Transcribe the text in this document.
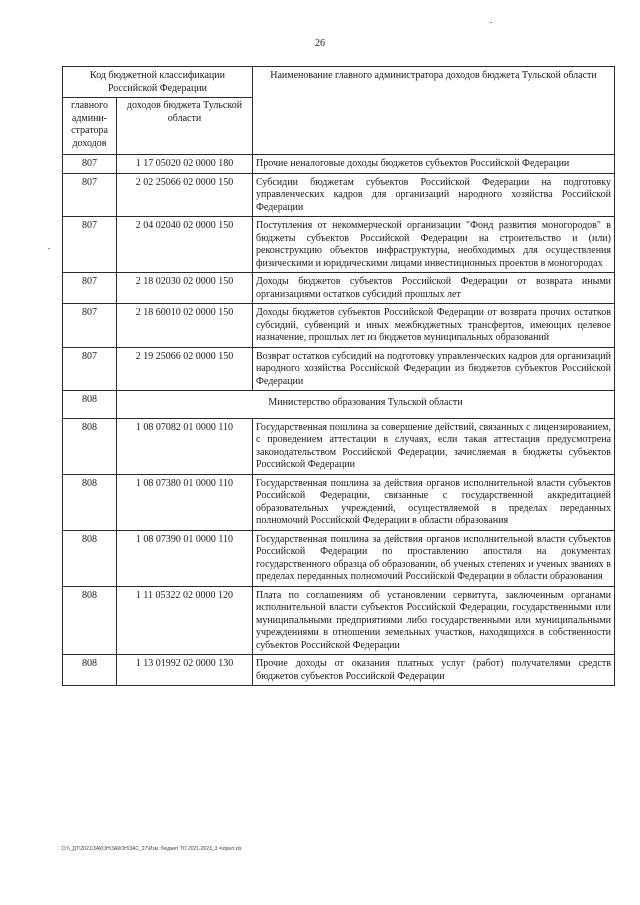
26
Код бюджетной классификации Российской Федерации		Наименование главного администратора доходов бюджета Тульской области
главного админи-стратора доходов	доходов бюджета Тульской области	
807	1 17 05020 02 0000 180	Прочие неналоговые доходы бюджетов субъектов Российской Федерации
807	2 02 25066 02 0000 150	Субсидии бюджетам субъектов Российской Федерации на подготовку управленческих кадров для организаций народного хозяйства Российской Федерации
807	2 04 02040 02 0000 150	Поступления от некоммерческой организации "Фонд развития моногородов" в бюджеты субъектов Российской Федерации на строительство и (или) реконструкцию объектов инфраструктуры, необходимых для осуществления физическими и юридическими лицами инвестиционных проектов в моногородах
807	2 18 02030 02 0000 150	Доходы бюджетов субъектов Российской Федерации от возврата иными организациями остатков субсидий прошлых лет
807	2 18 60010 02 0000 150	Доходы бюджетов субъектов Российской Федерации от возврата прочих остатков субсидий, субвенций и иных межбюджетных трансфертов, имеющих целевое назначение, прошлых лет из бюджетов муниципальных образований
807	2 19 25066 02 0000 150	Возврат остатков субсидий на подготовку управленческих кадров для организаций народного хозяйства Российской Федерации из бюджетов субъектов Российской Федерации
808	Министерство образования Тульской области	
808	1 08 07082 01 0000 110	Государственная пошлина за совершение действий, связанных с лицензированием, с проведением аттестации в случаях, если такая аттестация предусмотрена законодательством Российской Федерации, зачисляемая в бюджеты субъектов Российской Федерации
808	1 08 07380 01 0000 110	Государственная пошлина за действия органов исполнительной власти субъектов Российской Федерации, связанные с государственной аккредитацией образовательных учреждений, осуществляемой в пределах переданных полномочий Российской Федерации в области образования
808	1 08 07390 01 0000 110	Государственная пошлина за действия органов исполнительной власти субъектов Российской Федерации по проставлению апостиля на документах государственного образца об образовании, об ученых степенях и ученых званиях в пределах переданных полномочий Российской Федерации в области образования
808	1 11 05322 02 0000 120	Плата по соглашениям об установлении сервитута, заключенным органами исполнительной власти субъектов Российской Федерации, государственными или муниципальными предприятиями либо государственными или муниципальными учреждениями в отношении земельных участков, находящихся в собственности субъектов Российской Федерации
808	1 13 01992 02 0000 130	Прочие доходы от оказания платных услуг (работ) получателями средств бюджетов субъектов Российской Федерации
D:\\_ДТ\2021\ЗАКОН\ЗАКОН\ЗАС_27\Изм. бюджет ТО 2021-2023_3 ч\прил.xls
